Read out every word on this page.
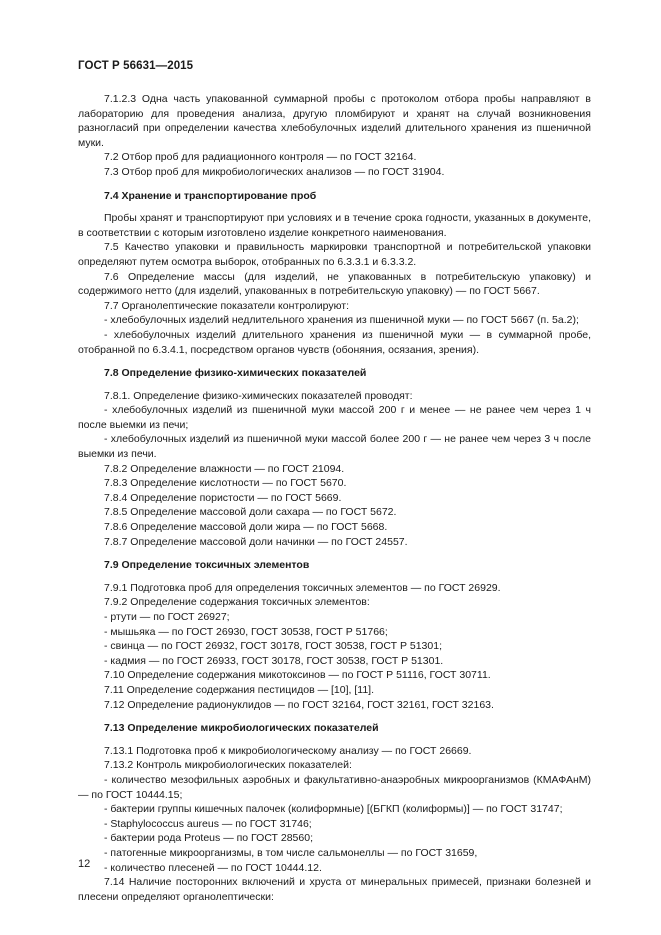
ГОСТ Р 56631—2015

7.1.2.3 Одна часть упакованной суммарной пробы с протоколом отбора пробы направляют в лабораторию для проведения анализа, другую пломбируют и хранят на случай возникновения разногласий при определении качества хлебобулочных изделий длительного хранения из пшеничной муки.

7.2 Отбор проб для радиационного контроля — по ГОСТ 32164.

7.3 Отбор проб для микробиологических анализов — по ГОСТ 31904.

7.4 Хранение и транспортирование проб

Пробы хранят и транспортируют при условиях и в течение срока годности, указанных в документе, в соответствии с которым изготовлено изделие конкретного наименования.

7.5 Качество упаковки и правильность маркировки транспортной и потребительской упаковки определяют путем осмотра выборок, отобранных по 6.3.3.1 и 6.3.3.2.

7.6 Определение массы (для изделий, не упакованных в потребительскую упаковку) и содержимого нетто (для изделий, упакованных в потребительскую упаковку) — по ГОСТ 5667.

7.7 Органолептические показатели контролируют:

- хлебобулочных изделий недлительного хранения из пшеничной муки — по ГОСТ 5667 (п. 5а.2);

- хлебобулочных изделий длительного хранения из пшеничной муки — в суммарной пробе, отобранной по 6.3.4.1, посредством органов чувств (обоняния, осязания, зрения).

7.8 Определение физико-химических показателей

7.8.1. Определение физико-химических показателей проводят:

- хлебобулочных изделий из пшеничной муки массой 200 г и менее — не ранее чем через 1 ч после выемки из печи;

- хлебобулочных изделий из пшеничной муки массой более 200 г — не ранее чем через 3 ч после выемки из печи.

7.8.2 Определение влажности — по ГОСТ 21094.

7.8.3 Определение кислотности — по ГОСТ 5670.

7.8.4 Определение пористости — по ГОСТ 5669.

7.8.5 Определение массовой доли сахара — по ГОСТ 5672.

7.8.6 Определение массовой доли жира — по ГОСТ 5668.

7.8.7 Определение массовой доли начинки — по ГОСТ 24557.

7.9 Определение токсичных элементов

7.9.1 Подготовка проб для определения токсичных элементов — по ГОСТ 26929.

7.9.2 Определение содержания токсичных элементов:

- ртути — по ГОСТ 26927;

- мышьяка — по ГОСТ 26930, ГОСТ 30538, ГОСТ Р 51766;

- свинца — по ГОСТ 26932, ГОСТ 30178, ГОСТ 30538, ГОСТ Р 51301;

- кадмия — по ГОСТ 26933, ГОСТ 30178, ГОСТ 30538, ГОСТ Р 51301.

7.10 Определение содержания микотоксинов — по ГОСТ Р 51116, ГОСТ 30711.

7.11 Определение содержания пестицидов — [10], [11].

7.12 Определение радионуклидов — по ГОСТ 32164, ГОСТ 32161, ГОСТ 32163.

7.13 Определение микробиологических показателей

7.13.1 Подготовка проб к микробиологическому анализу — по ГОСТ 26669.

7.13.2 Контроль микробиологических показателей:

- количество мезофильных аэробных и факультативно-анаэробных микроорганизмов (КМАФАнМ) — по ГОСТ 10444.15;

- бактерии группы кишечных палочек (колиформные) [(БГКП (колиформы)] — по ГОСТ 31747;

- Staphylococcus aureus — по ГОСТ 31746;

- бактерии рода Proteus — по ГОСТ 28560;

- патогенные микроорганизмы, в том числе сальмонеллы — по ГОСТ 31659,

- количество плесеней — по ГОСТ 10444.12.

7.14 Наличие посторонних включений и хруста от минеральных примесей, признаки болезней и плесени определяют органолептически:

12
